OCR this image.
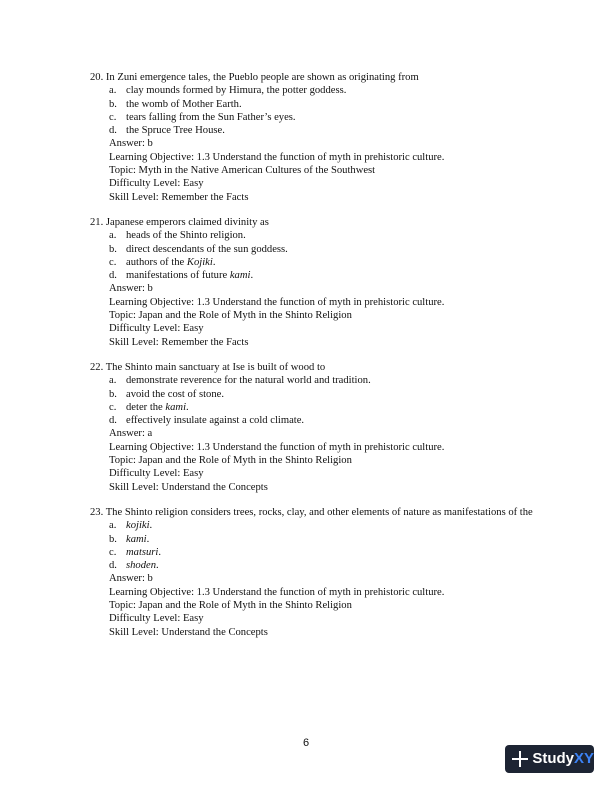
20. In Zuni emergence tales, the Pueblo people are shown as originating from
a. clay mounds formed by Himura, the potter goddess.
b. the womb of Mother Earth.
c. tears falling from the Sun Father’s eyes.
d. the Spruce Tree House.
Answer: b
Learning Objective: 1.3 Understand the function of myth in prehistoric culture.
Topic: Myth in the Native American Cultures of the Southwest
Difficulty Level: Easy
Skill Level: Remember the Facts
21. Japanese emperors claimed divinity as
a. heads of the Shinto religion.
b. direct descendants of the sun goddess.
c. authors of the Kojiki.
d. manifestations of future kami.
Answer: b
Learning Objective: 1.3 Understand the function of myth in prehistoric culture.
Topic: Japan and the Role of Myth in the Shinto Religion
Difficulty Level: Easy
Skill Level: Remember the Facts
22. The Shinto main sanctuary at Ise is built of wood to
a. demonstrate reverence for the natural world and tradition.
b. avoid the cost of stone.
c. deter the kami.
d. effectively insulate against a cold climate.
Answer: a
Learning Objective: 1.3 Understand the function of myth in prehistoric culture.
Topic: Japan and the Role of Myth in the Shinto Religion
Difficulty Level: Easy
Skill Level: Understand the Concepts
23. The Shinto religion considers trees, rocks, clay, and other elements of nature as manifestations of the
a. kojiki.
b. kami.
c. matsuri.
d. shoden.
Answer: b
Learning Objective: 1.3 Understand the function of myth in prehistoric culture.
Topic: Japan and the Role of Myth in the Shinto Religion
Difficulty Level: Easy
Skill Level: Understand the Concepts
6
Study XY
